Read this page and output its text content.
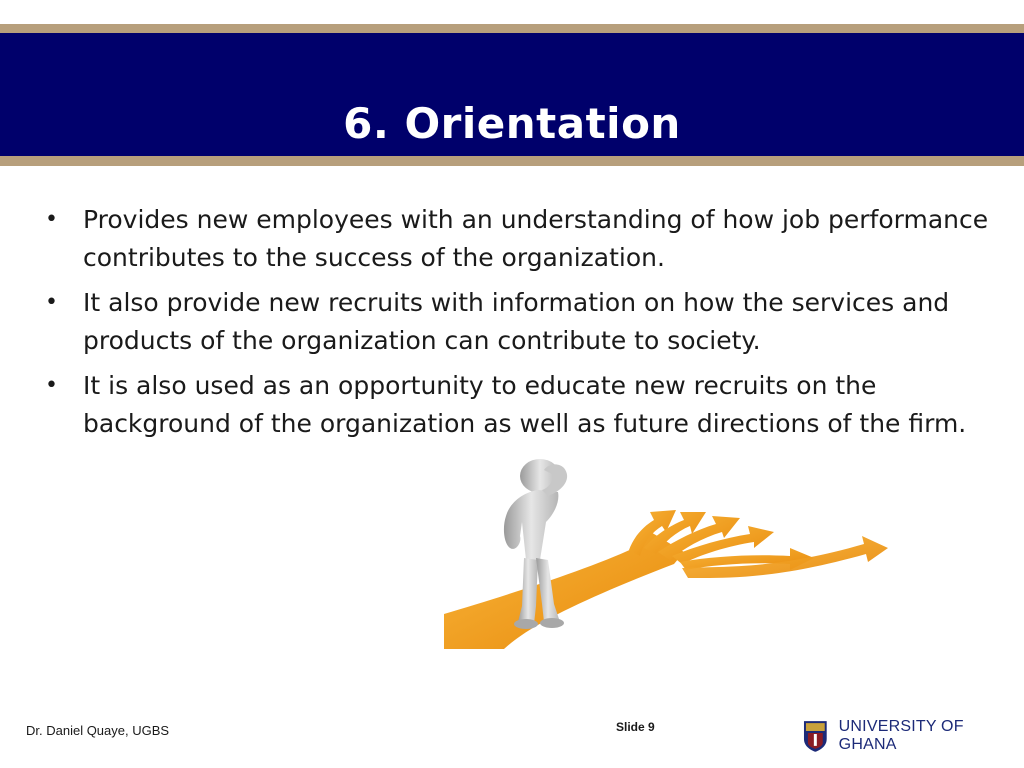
6. Orientation
• Provides new employees with an understanding of how job performance contributes to the success of the organization.
• It also provide new recruits with information on how the services and products of the organization can contribute to society.
• It is also used as an opportunity to educate new recruits on the background of the organization as well as future directions of the firm.
Dr. Daniel Quaye, UGBS	Slide 9	UNIVERSITY OF GHANA
